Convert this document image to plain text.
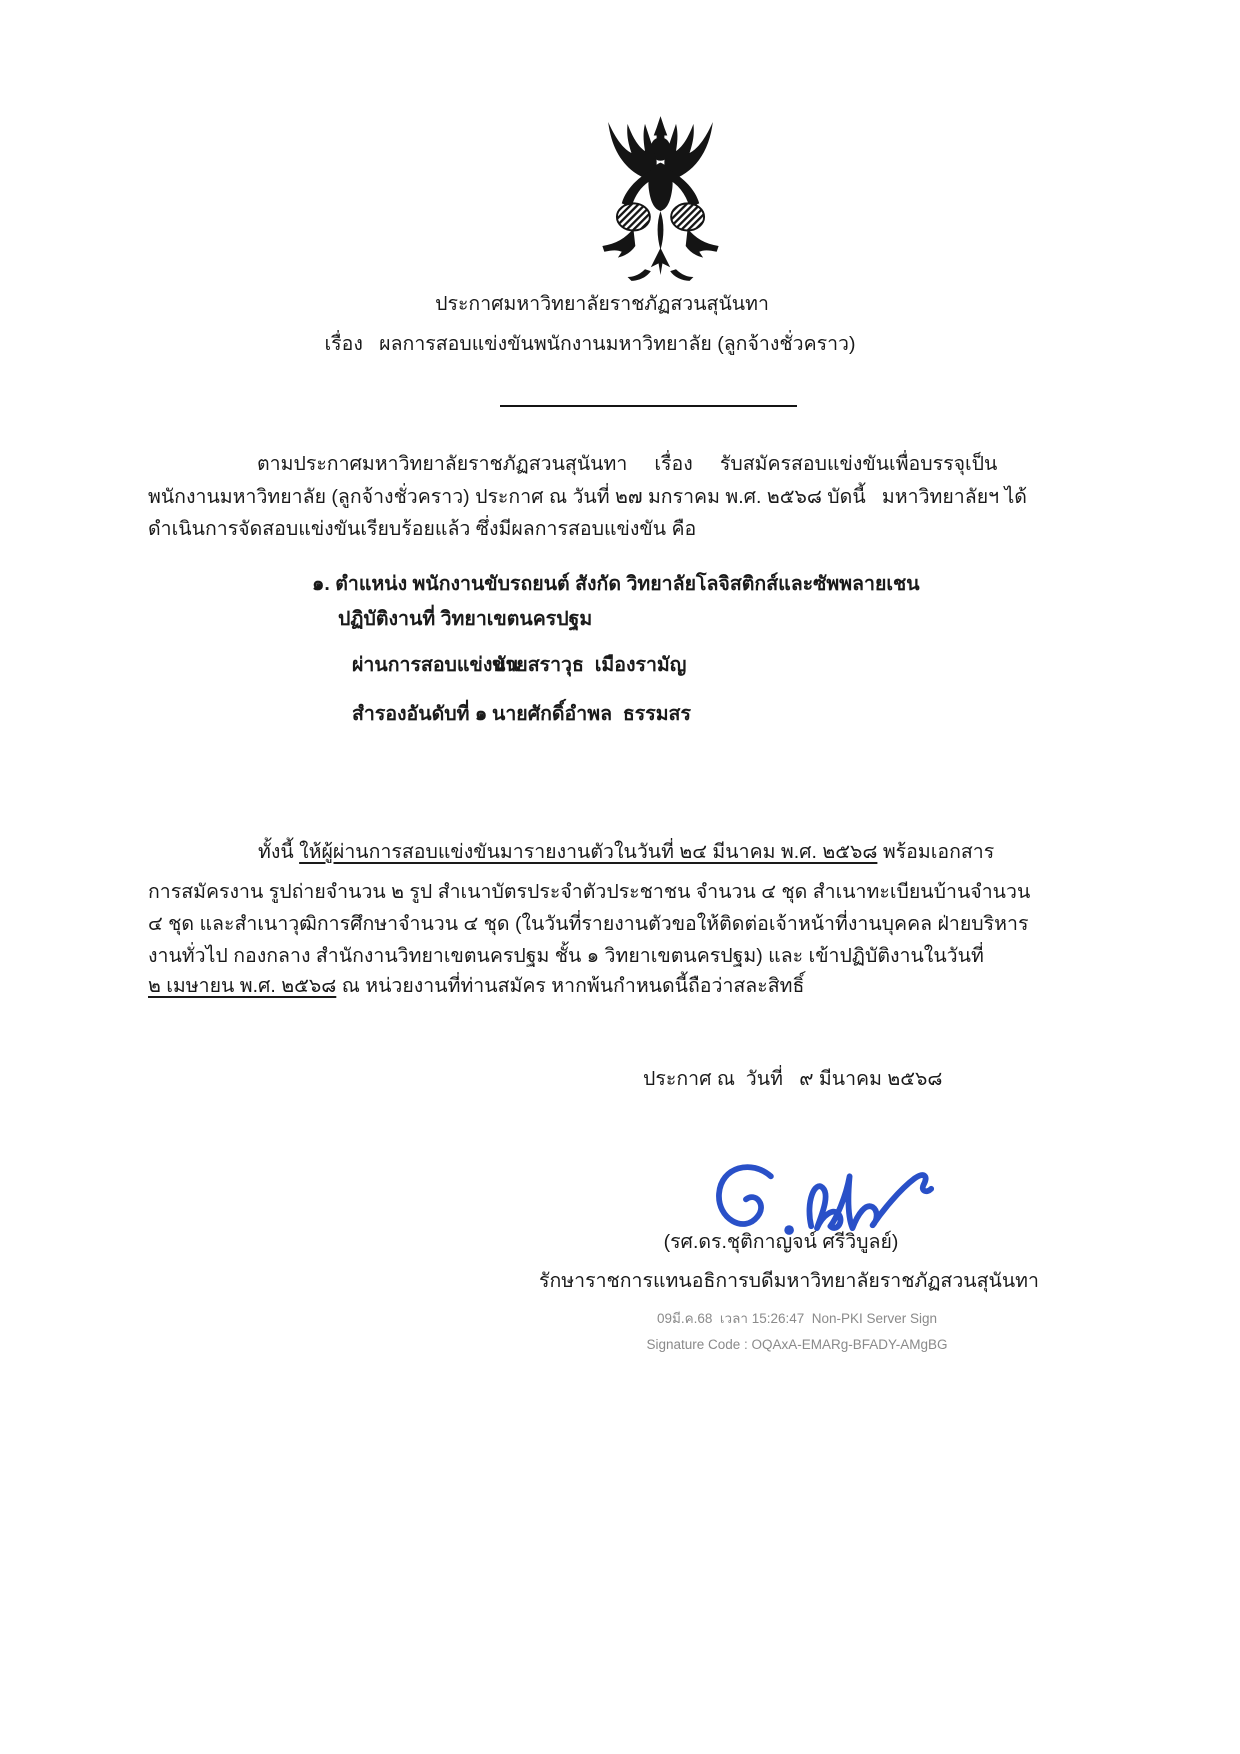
ประกาศมหาวิทยาลัยราชภัฏสวนสุนันทา
เรื่อง   ผลการสอบแข่งขันพนักงานมหาวิทยาลัย (ลูกจ้างชั่วคราว)
ตามประกาศมหาวิทยาลัยราชภัฏสวนสุนันทา     เรื่อง     รับสมัครสอบแข่งขันเพื่อบรรจุเป็น
พนักงานมหาวิทยาลัย (ลูกจ้างชั่วคราว) ประกาศ ณ วันที่ ๒๗ มกราคม พ.ศ. ๒๕๖๘ บัดนี้   มหาวิทยาลัยฯ ได้
ดำเนินการจัดสอบแข่งขันเรียบร้อยแล้ว ซึ่งมีผลการสอบแข่งขัน คือ
๑. ตำแหน่ง พนักงานขับรถยนต์ สังกัด วิทยาลัยโลจิสติกส์และซัพพลายเชน
ปฏิบัติงานที่ วิทยาเขตนครปฐม
ผ่านการสอบแข่งขัน
นายสราวุธ  เมืองรามัญ
สำรองอันดับที่ ๑ นายศักดิ์อำพล  ธรรมสร
ทั้งนี้ ให้ผู้ผ่านการสอบแข่งขันมารายงานตัวในวันที่ ๒๔ มีนาคม พ.ศ. ๒๕๖๘ พร้อมเอกสาร
การสมัครงาน รูปถ่ายจำนวน ๒ รูป สำเนาบัตรประจำตัวประชาชน จำนวน ๔ ชุด สำเนาทะเบียนบ้านจำนวน
๔ ชุด และสำเนาวุฒิการศึกษาจำนวน ๔ ชุด (ในวันที่รายงานตัวขอให้ติดต่อเจ้าหน้าที่งานบุคคล ฝ่ายบริหาร
งานทั่วไป กองกลาง สำนักงานวิทยาเขตนครปฐม ชั้น ๑ วิทยาเขตนครปฐม) และ เข้าปฏิบัติงานในวันที่
๒ เมษายน พ.ศ. ๒๕๖๘ ณ หน่วยงานที่ท่านสมัคร หากพ้นกำหนดนี้ถือว่าสละสิทธิ์
ประกาศ ณ  วันที่   ๙ มีนาคม ๒๕๖๘

(รศ.ดร.ชุติกาญจน์ ศรีวิบูลย์)
รักษาราชการแทนอธิการบดีมหาวิทยาลัยราชภัฏสวนสุนันทา
09มี.ค.68  เวลา 15:26:47  Non-PKI Server Sign
Signature Code : OQAxA-EMARg-BFADY-AMgBG
